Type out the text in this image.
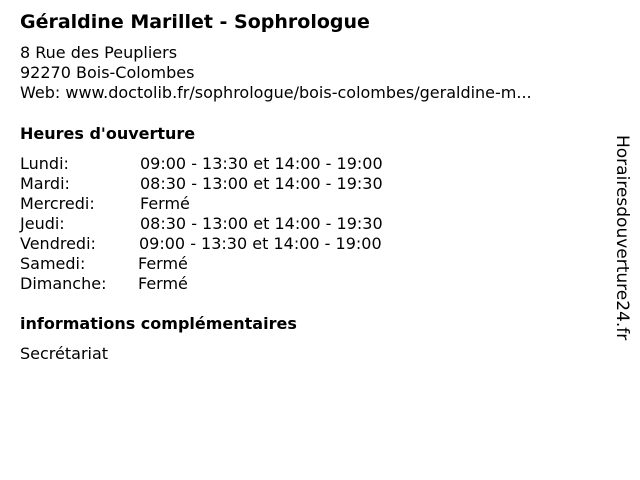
Géraldine Marillet - Sophrologue
8 Rue des Peupliers
92270 Bois-Colombes
Web: www.doctolib.fr/sophrologue/bois-colombes/geraldine-m...
Heures d'ouverture
Lundi:	09:00 - 13:30 et 14:00 - 19:00
Mardi:	08:30 - 13:00 et 14:00 - 19:30
Mercredi:	Fermé
Jeudi:	08:30 - 13:00 et 14:00 - 19:30
Vendredi:	09:00 - 13:30 et 14:00 - 19:00
Samedi:	Fermé
Dimanche: Fermé
informations complémentaires
Secrétariat
Horairesdouverture24.fr
